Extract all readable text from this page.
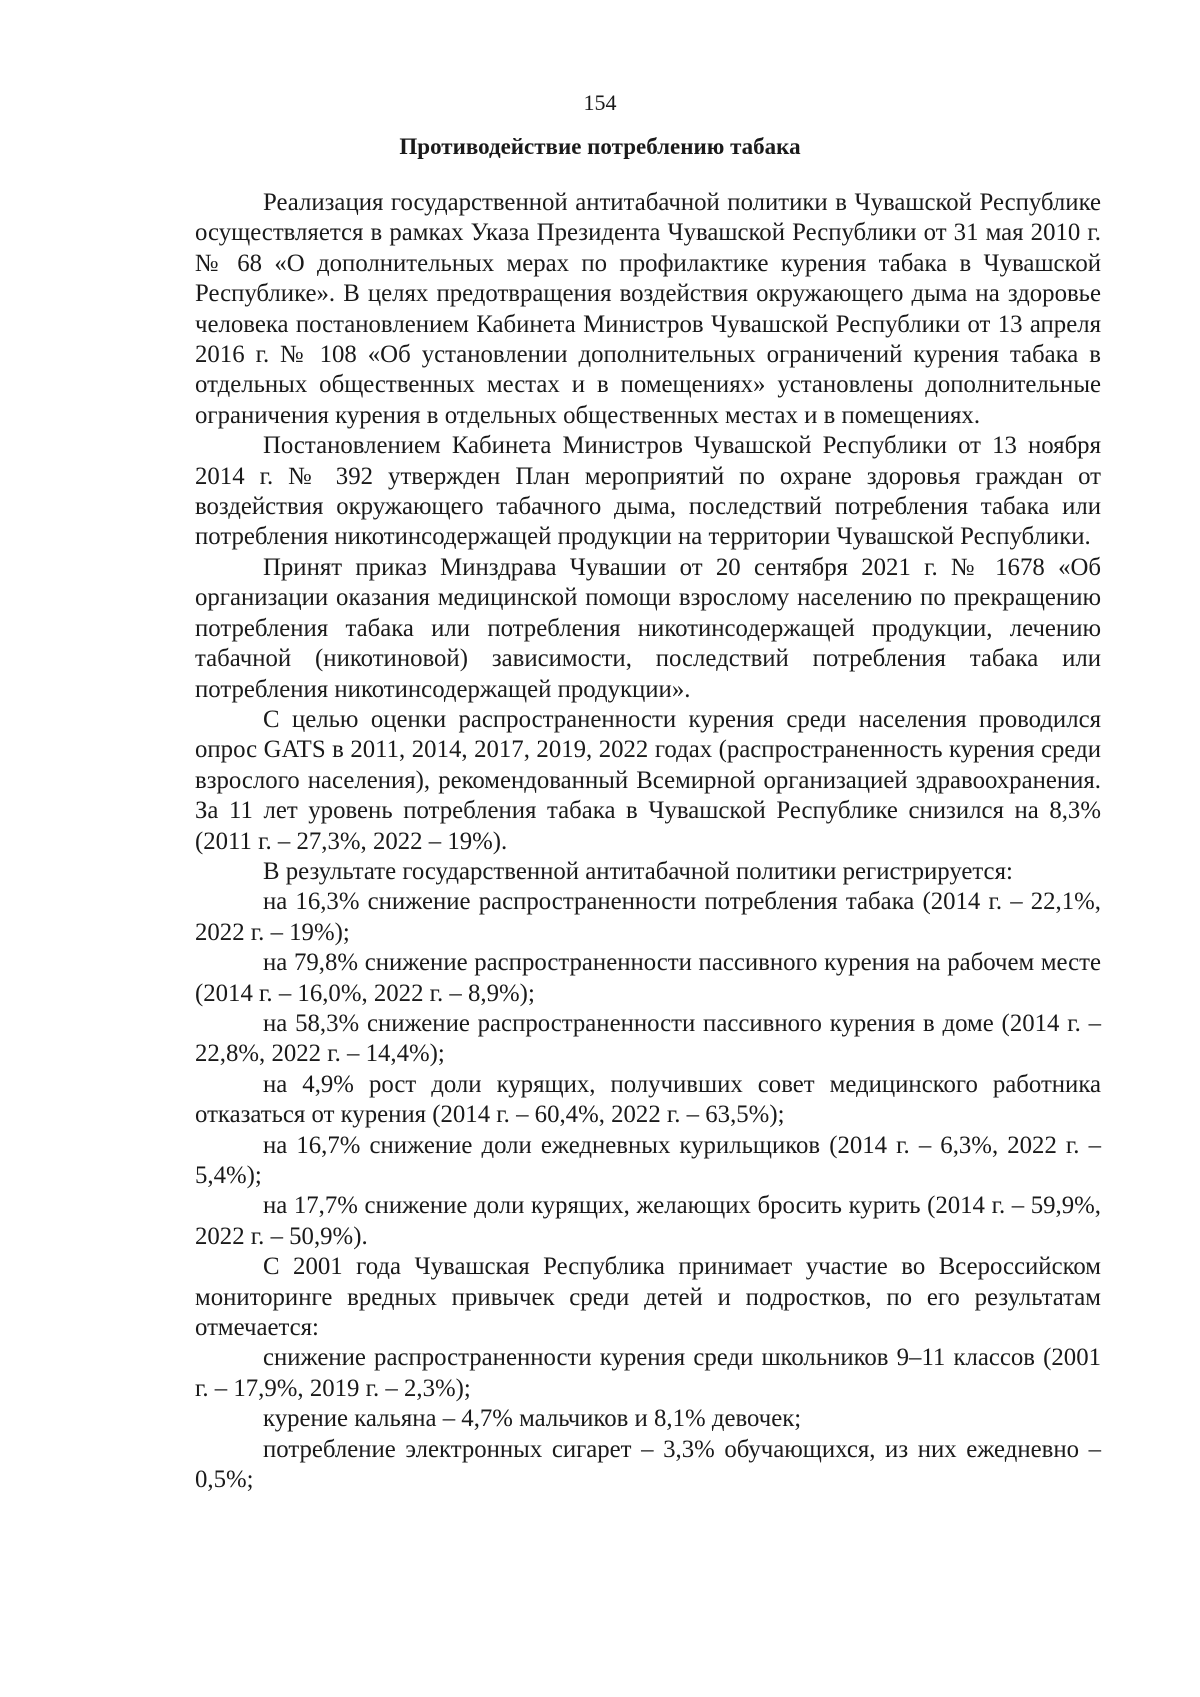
154
Противодействие потреблению табака

Реализация государственной антитабачной политики в Чувашской Республике осуществляется в рамках Указа Президента Чувашской Республики от 31 мая 2010 г. № 68 «О дополнительных мерах по профилактике курения табака в Чувашской Республике». В целях предотвращения воздействия окружающего дыма на здоровье человека постановлением Кабинета Министров Чувашской Республики от 13 апреля 2016 г. № 108 «Об установлении дополнительных ограничений курения табака в отдельных общественных местах и в помещениях» установлены дополнительные ограничения курения в отдельных общественных местах и в помещениях.

Постановлением Кабинета Министров Чувашской Республики от 13 ноября 2014 г. № 392 утвержден План мероприятий по охране здоровья граждан от воздействия окружающего табачного дыма, последствий потребления табака или потребления никотинсодержащей продукции на территории Чувашской Республики.

Принят приказ Минздрава Чувашии от 20 сентября 2021 г. № 1678 «Об организации оказания медицинской помощи взрослому населению по прекращению потребления табака или потребления никотинсодержащей продукции, лечению табачной (никотиновой) зависимости, последствий потребления табака или потребления никотинсодержащей продукции».

С целью оценки распространенности курения среди населения проводился опрос GATS в 2011, 2014, 2017, 2019, 2022 годах (распространенность курения среди взрослого населения), рекомендованный Всемирной организацией здравоохранения. За 11 лет уровень потребления табака в Чувашской Республике снизился на 8,3% (2011 г. – 27,3%, 2022 – 19%).

В результате государственной антитабачной политики регистрируется:

на 16,3% снижение распространенности потребления табака (2014 г. – 22,1%, 2022 г. – 19%);

на 79,8% снижение распространенности пассивного курения на рабочем месте (2014 г. – 16,0%, 2022 г. – 8,9%);

на 58,3% снижение распространенности пассивного курения в доме (2014 г. – 22,8%, 2022 г. – 14,4%);

на 4,9% рост доли курящих, получивших совет медицинского работника отказаться от курения (2014 г. – 60,4%, 2022 г. – 63,5%);

на 16,7% снижение доли ежедневных курильщиков (2014 г. – 6,3%, 2022 г. – 5,4%);

на 17,7% снижение доли курящих, желающих бросить курить (2014 г. – 59,9%, 2022 г. – 50,9%).

С 2001 года Чувашская Республика принимает участие во Всероссийском мониторинге вредных привычек среди детей и подростков, по его результатам отмечается:

снижение распространенности курения среди школьников 9–11 классов (2001 г. – 17,9%, 2019 г. – 2,3%);

курение кальяна – 4,7% мальчиков и 8,1% девочек;

потребление электронных сигарет – 3,3% обучающихся, из них ежедневно – 0,5%;
